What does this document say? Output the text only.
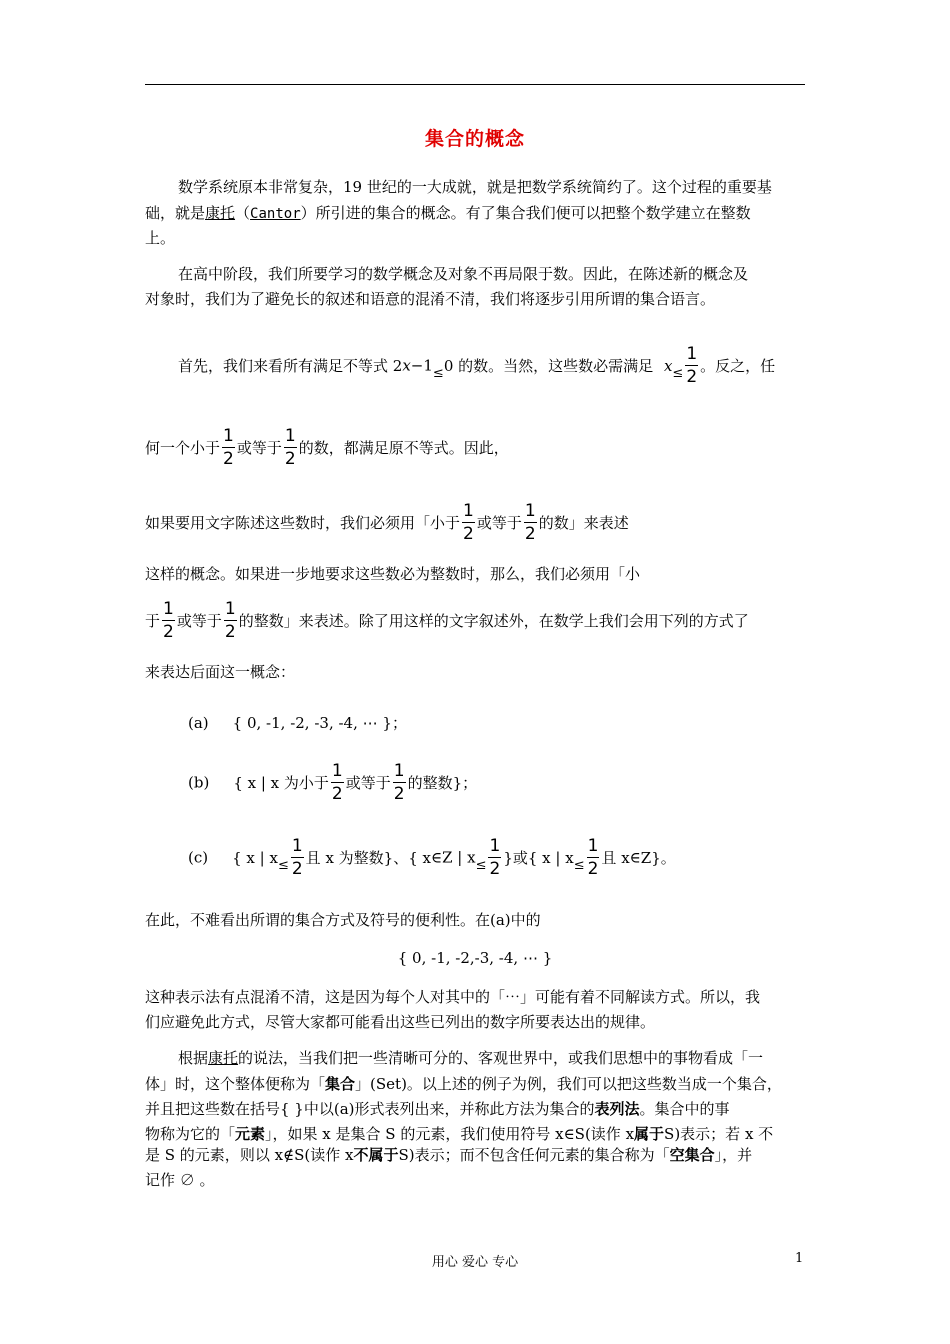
集合的概念
数学系统原本非常复杂，19 世纪的一大成就，就是把数学系统简约了。这个过程的重要基
础，就是康托（Cantor）所引进的集合的概念。有了集合我们便可以把整个数学建立在整数
上。
在高中阶段，我们所要学习的数学概念及对象不再局限于数。因此，在陈述新的概念及
对象时，我们为了避免长的叙述和语意的混淆不清，我们将逐步引用所谓的集合语言。
首先，我们来看所有满足不等式 2x−1≤0 的数。当然，这些数必需满足 $x\le \frac{1}{2}$ 。反之，任
何一个小于 $\frac{1}{2}$ 或等于 $\frac{1}{2}$ 的数，都满足原不等式。因此，
如果要用文字陈述这些数时，我们必须用「小于 $\frac{1}{2}$ 或等于 $\frac{1}{2}$ 的数」来表述
这样的概念。如果进一步地要求这些数必为整数时，那么，我们必须用「小
于 $\frac{1}{2}$ 或等于 $\frac{1}{2}$ 的整数」来表述。除了用这样的文字叙述外，在数学上我们会用下列的方式了
来表达后面这一概念：
(a) { 0, -1, -2, -3, -4, ⋯ }；
(b) { x | x 为小于 $\frac{1}{2}$ 或等于 $\frac{1}{2}$ 的整数}；
(c) { x | $x\le \frac{1}{2}$ 且 x 为整数}、{ x∈Z | $x\le \frac{1}{2}$ }或{ x | $x\le \frac{1}{2}$ 且 x∈Z}。
在此，不难看出所谓的集合方式及符号的便利性。在(a)中的
{ 0, -1, -2,-3, -4, ⋯ }
这种表示法有点混淆不清，这是因为每个人对其中的「⋯」可能有着不同解读方式。所以，我
们应避免此方式，尽管大家都可能看出这些已列出的数字所要表达出的规律。
根据康托的说法，当我们把一些清晰可分的、客观世界中，或我们思想中的事物看成「一
体」时，这个整体便称为「集合」(Set)。以上述的例子为例，我们可以把这些数当成一个集合，
并且把这些数在括号{ }中以(a)形式表列出来，并称此方法为集合的表列法。集合中的事
物称为它的「元素」，如果 x 是集合 S 的元素，我们使用符号 x∈S(读作 x属于S)表示；若 x 不
是 S 的元素，则以 x∉S(读作 x不属于S)表示；而不包含任何元素的集合称为「空集合」，并
记作 ∅ 。
用心 爱心 专心	1
